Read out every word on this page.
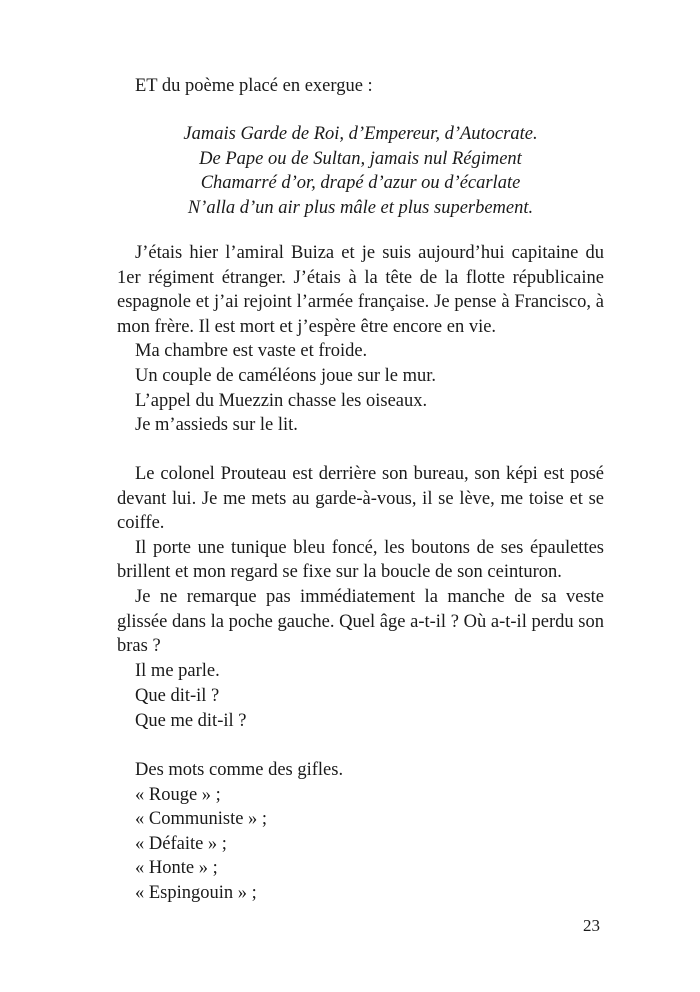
ET du poème placé en exergue :

Jamais Garde de Roi, d’Empereur, d’Autocrate.
De Pape ou de Sultan, jamais nul Régiment
Chamarré d’or, drapé d’azur ou d’écarlate
N’alla d’un air plus mâle et plus superbement.

J’étais hier l’amiral Buiza et je suis aujourd’hui capitaine du 1er régiment étranger. J’étais à la tête de la flotte républicaine espagnole et j’ai rejoint l’armée française. Je pense à Francisco, à mon frère. Il est mort et j’espère être encore en vie.

Ma chambre est vaste et froide.

Un couple de caméléons joue sur le mur.

L’appel du Muezzin chasse les oiseaux.

Je m’assieds sur le lit.

Le colonel Prouteau est derrière son bureau, son képi est posé devant lui. Je me mets au garde-à-vous, il se lève, me toise et se coiffe.

Il porte une tunique bleu foncé, les boutons de ses épaulettes brillent et mon regard se fixe sur la boucle de son ceinturon.

Je ne remarque pas immédiatement la manche de sa veste glissée dans la poche gauche. Quel âge a-t-il ? Où a-t-il perdu son bras ?

Il me parle.

Que dit-il ?

Que me dit-il ?

Des mots comme des gifles.

« Rouge » ;

« Communiste » ;

« Défaite » ;

« Honte » ;

« Espingouin » ;

23
